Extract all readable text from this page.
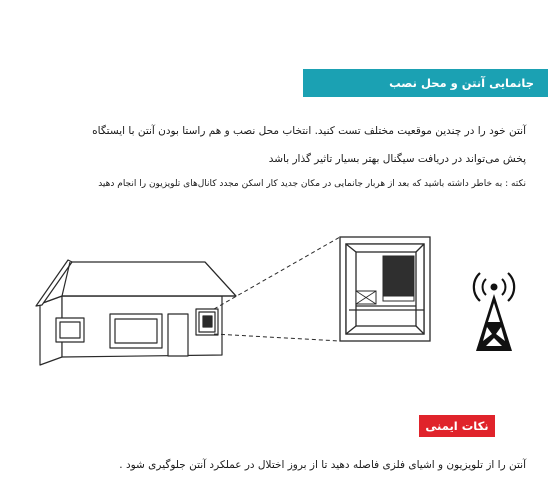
جانمایی آنتن و محل نصب
آنتن خود را در چندین موقعیت مختلف تست کنید. انتخاب محل نصب و هم راستا بودن آنتن با ایستگاه
پخش می‌تواند در دریافت سیگنال بهتر بسیار تاثیر گذار باشد
نکته : به خاطر داشته باشید که بعد از هربار جانمایی در مکان جدید کار اسکن مجدد کانال‌های تلویزیون را انجام دهید
نکات ایمنی
آنتن را از تلویزیون و اشیای فلزی فاصله دهید تا از بروز اختلال در عملکرد آنتن جلوگیری شود .
